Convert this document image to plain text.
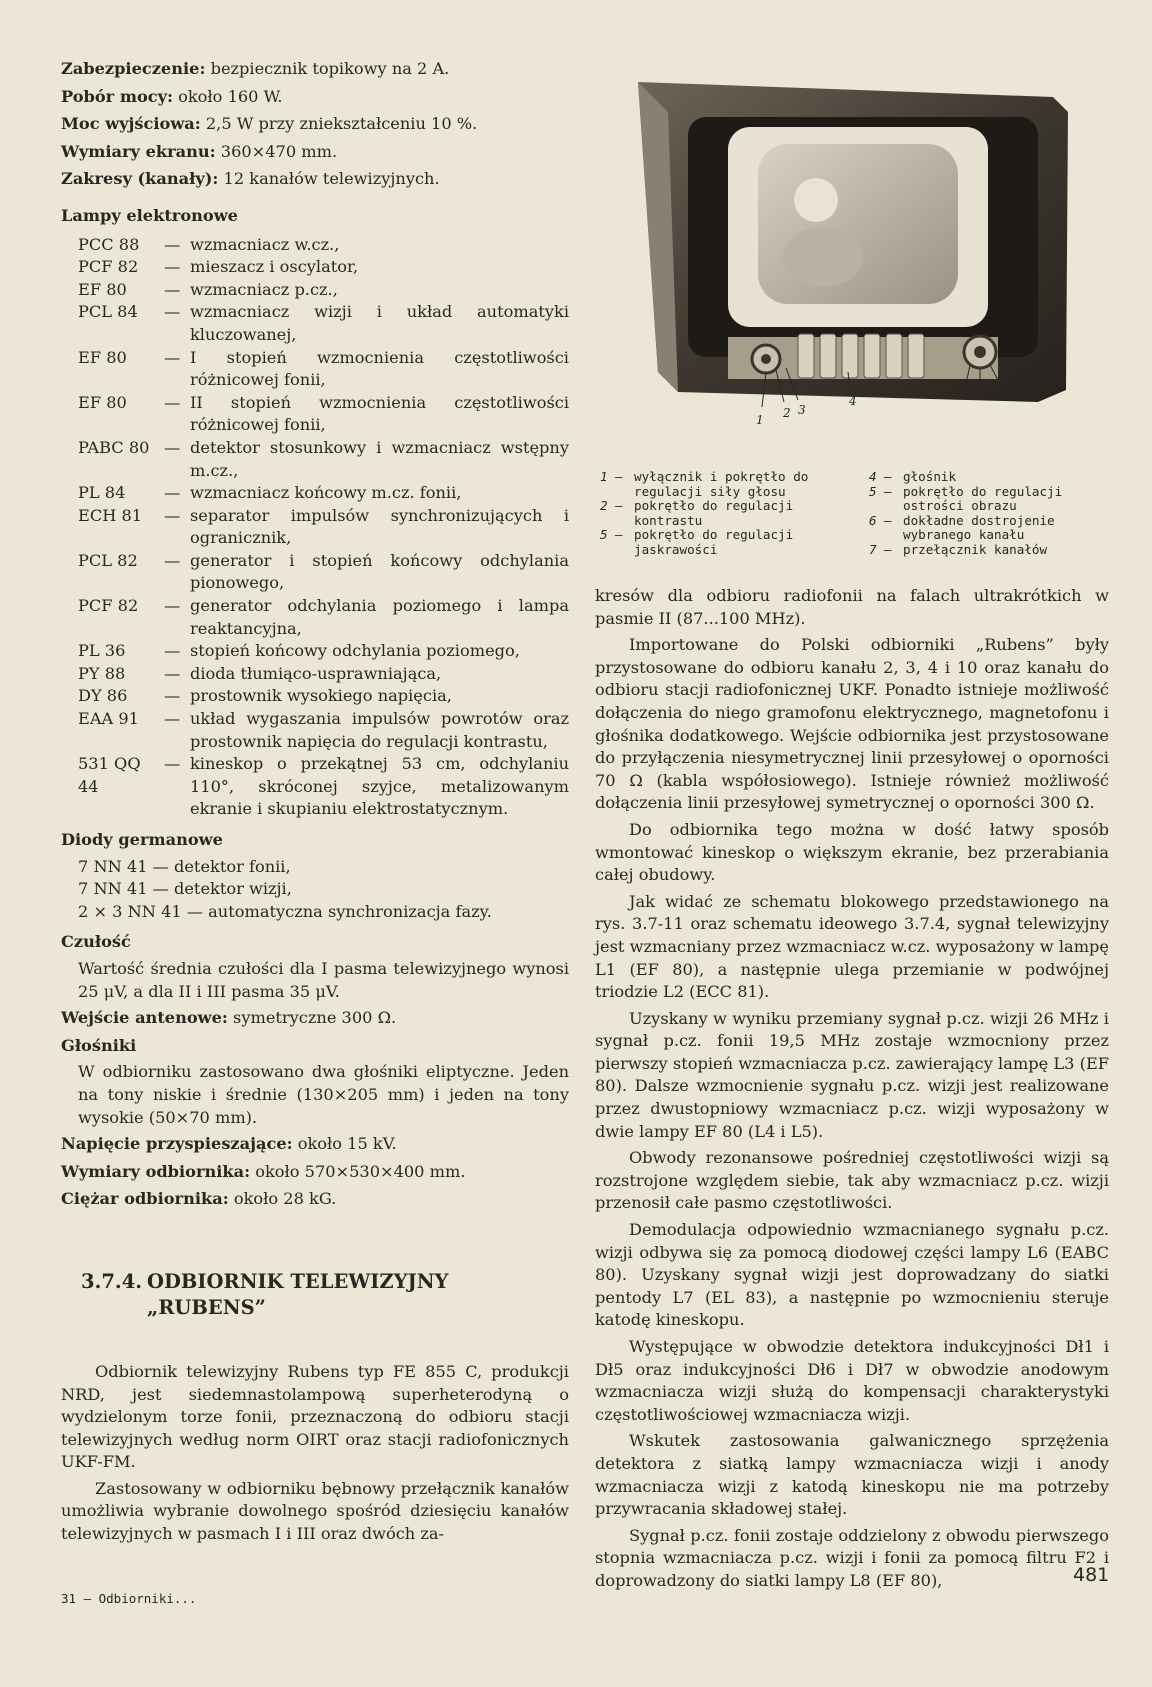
Zabezpieczenie: bezpiecznik topikowy na 2 A.
Pobór mocy: około 160 W.
Moc wyjściowa: 2,5 W przy zniekształceniu 10 %.
Wymiary ekranu: 360×470 mm.
Zakresy (kanały): 12 kanałów telewizyjnych.
Lampy elektronowe
PCC 88	— wzmacniacz w.cz.,
PCF 82	— mieszacz i oscylator,
EF 80	— wzmacniacz p.cz.,
PCL 84	— wzmacniacz wizji i układ automatyki kluczowanej,
EF 80	— I stopień wzmocnienia częstotliwości różnicowej fonii,
EF 80	— II stopień wzmocnienia częstotliwości różnicowej fonii,
PABC 80 — detektor stosunkowy i wzmacniacz wstępny m.cz.,
PL 84	— wzmacniacz końcowy m.cz. fonii,
ECH 81	— separator impulsów synchronizujących i ogranicznik,
PCL 82	— generator i stopień końcowy odchylania pionowego,
PCF 82	— generator odchylania poziomego i lampa reaktancyjna,
PL 36	— stopień końcowy odchylania poziomego,
PY 88	— dioda tłumiąco-usprawniająca,
DY 86	— prostownik wysokiego napięcia,
EAA 91	— układ wygaszania impulsów powrotów oraz prostownik napięcia do regulacji kontrastu,
531 QQ 44
— kineskop o przekątnej 53 cm, odchylaniu 110°, skróconej szyjce, metalizowanym ekranie i skupianiu elektrostatycznym.
Diody germanowe
7 NN 41 — detektor fonii,
7 NN 41 — detektor wizji,
2 × 3 NN 41 — automatyczna synchronizacja fazy.
Czułość
Wartość średnia czułości dla I pasma telewizyjnego wynosi 25 μV, a dla II i III pasma 35 μV.
Wejście antenowe: symetryczne 300 Ω.
Głośniki
W odbiorniku zastosowano dwa głośniki eliptyczne. Jeden na tony niskie i średnie (130×205 mm) i jeden na tony wysokie (50×70 mm).
Napięcie przyspieszające: około 15 kV.
Wymiary odbiornika: około 570×530×400 mm.
Ciężar odbiornika: około 28 kG.
3.7.4. ODBIORNIK TELEWIZYJNY
„RUBENS”

Odbiornik telewizyjny Rubens typ FE 855 C, produkcji NRD, jest siedemnastolampową superheterodyną o wydzielonym torze fonii, przeznaczoną do odbioru stacji telewizyjnych według norm OIRT oraz stacji radiofonicznych UKF-FM.

Zastosowany w odbiorniku bębnowy przełącznik kanałów umożliwia wybranie dowolnego spośród dziesięciu kanałów telewizyjnych w pasmach I i III oraz dwóch za-

1 2 3
4	5 6 7
1 — wyłącznik i pokrętło do regulacji siły głosu
2 — pokrętło do regulacji kontrastu
5 — pokrętło do regulacji jaskrawości
4 — głośnik
5 — pokrętło do regulacji ostrości obrazu
6 — dokładne dostrojenie wybranego kanału
7 — przełącznik kanałów

kresów dla odbioru radiofonii na falach ultrakrótkich w pasmie II (87...100 MHz).

Importowane do Polski odbiorniki „Rubens” były przystosowane do odbioru kanału 2, 3, 4 i 10 oraz kanału do odbioru stacji radiofonicznej UKF. Ponadto istnieje możliwość dołączenia do niego gramofonu elektrycznego, magnetofonu i głośnika dodatkowego. Wejście odbiornika jest przystosowane do przyłączenia niesymetrycznej linii przesyłowej o oporności 70 Ω (kabla współosiowego). Istnieje również możliwość dołączenia linii przesyłowej symetrycznej o oporności 300 Ω.

Do odbiornika tego można w dość łatwy sposób wmontować kineskop o większym ekranie, bez przerabiania całej obudowy.

Jak widać ze schematu blokowego przedstawionego na rys. 3.7-11 oraz schematu ideowego 3.7.4, sygnał telewizyjny jest wzmacniany przez wzmacniacz w.cz. wyposażony w lampę L1 (EF 80), a następnie ulega przemianie w podwójnej triodzie L2 (ECC 81).

Uzyskany w wyniku przemiany sygnał p.cz. wizji 26 MHz i sygnał p.cz. fonii 19,5 MHz zostaje wzmocniony przez pierwszy stopień wzmacniacza p.cz. zawierający lampę L3 (EF 80). Dalsze wzmocnienie sygnału p.cz. wizji jest realizowane przez dwustopniowy wzmacniacz p.cz. wizji wyposażony w dwie lampy EF 80 (L4 i L5).

Obwody rezonansowe pośredniej częstotliwości wizji są rozstrojone względem siebie, tak aby wzmacniacz p.cz. wizji przenosił całe pasmo częstotliwości.

Demodulacja odpowiednio wzmacnianego sygnału p.cz. wizji odbywa się za pomocą diodowej części lampy L6 (EABC 80). Uzyskany sygnał wizji jest doprowadzany do siatki pentody L7 (EL 83), a następnie po wzmocnieniu steruje katodę kineskopu.

Występujące w obwodzie detektora indukcyjności Dł1 i Dł5 oraz indukcyjności Dł6 i Dł7 w obwodzie anodowym wzmacniacza wizji służą do kompensacji charakterystyki częstotliwościowej wzmacniacza wizji.

Wskutek zastosowania galwanicznego sprzężenia detektora z siatką lampy wzmacniacza wizji i anody wzmacniacza wizji z katodą kineskopu nie ma potrzeby przywracania składowej stałej.

Sygnał p.cz. fonii zostaje oddzielony z obwodu pierwszego stopnia wzmacniacza p.cz. wizji i fonii za pomocą filtru F2 i doprowadzony do siatki lampy L8 (EF 80),

31 — Odbiorniki...
481
